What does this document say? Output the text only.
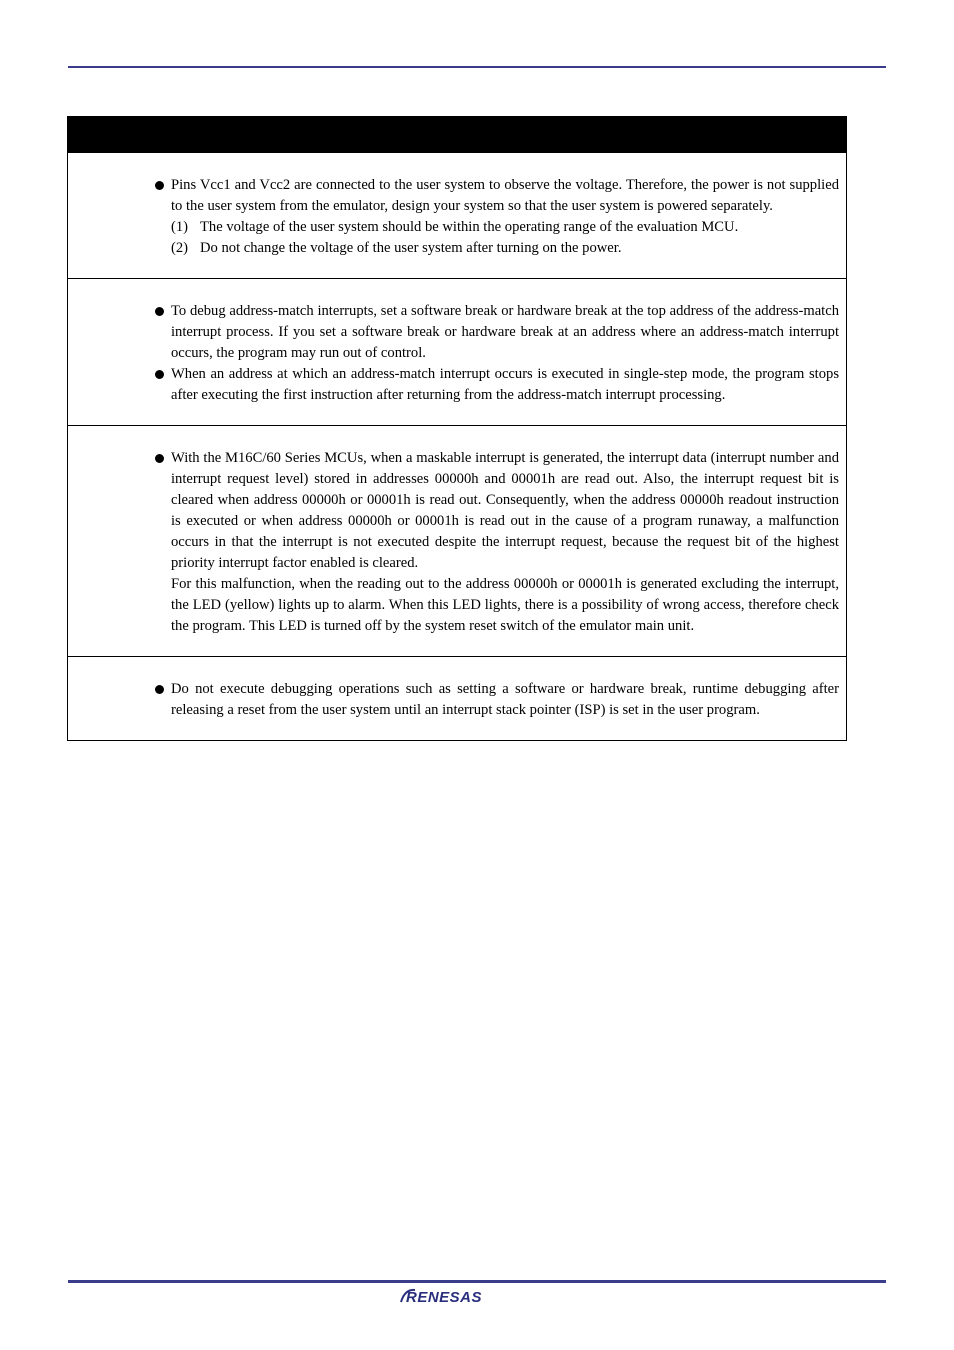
Pins Vcc1 and Vcc2 are connected to the user system to observe the voltage. Therefore, the power is not supplied to the user system from the emulator, design your system so that the user system is powered separately.
(1) The voltage of the user system should be within the operating range of the evaluation MCU.
(2) Do not change the voltage of the user system after turning on the power.
To debug address-match interrupts, set a software break or hardware break at the top address of the address-match interrupt process. If you set a software break or hardware break at an address where an address-match interrupt occurs, the program may run out of control.
When an address at which an address-match interrupt occurs is executed in single-step mode, the program stops after executing the first instruction after returning from the address-match interrupt processing.
With the M16C/60 Series MCUs, when a maskable interrupt is generated, the interrupt data (interrupt number and interrupt request level) stored in addresses 00000h and 00001h are read out. Also, the interrupt request bit is cleared when address 00000h or 00001h is read out. Consequently, when the address 00000h readout instruction is executed or when address 00000h or 00001h is read out in the cause of a program runaway, a malfunction occurs in that the interrupt is not executed despite the interrupt request, because the request bit of the highest priority interrupt factor enabled is cleared.
For this malfunction, when the reading out to the address 00000h or 00001h is generated excluding the interrupt, the LED (yellow) lights up to alarm. When this LED lights, there is a possibility of wrong access, therefore check the program. This LED is turned off by the system reset switch of the emulator main unit.
Do not execute debugging operations such as setting a software or hardware break, runtime debugging after releasing a reset from the user system until an interrupt stack pointer (ISP) is set in the user program.
RENESAS
